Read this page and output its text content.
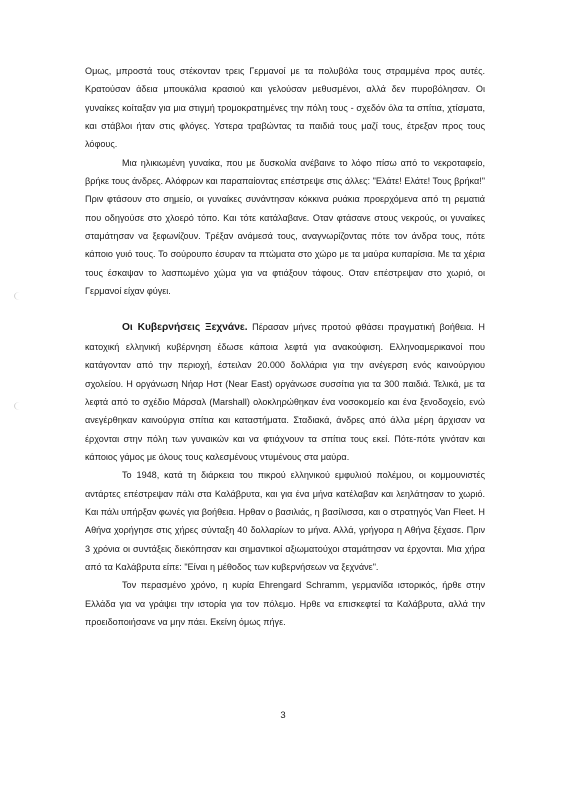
Ομως, μπροστά τους στέκονταν τρεις Γερμανοί με τα πολυβόλα τους στραμμένα προς αυτές. Κρατούσαν άδεια μπουκάλια κρασιού και γελούσαν μεθυσμένοι, αλλά δεν πυροβόλησαν. Οι γυναίκες κοίταξαν για μια στιγμή τρομοκρατημένες την πόλη τους - σχεδόν όλα τα σπίτια, χτίσματα, και στάβλοι ήταν στις φλόγες. Υστερα τραβώντας τα παιδιά τους μαζί τους, έτρεξαν προς τους λόφους.

Μια ηλικιωμένη γυναίκα, που με δυσκολία ανέβαινε το λόφο πίσω από το νεκροταφείο, βρήκε τους άνδρες. Αλόφρων και παραπαίοντας επέστρεψε στις άλλες: "Ελάτε! Ελάτε! Τους βρήκα!" Πριν φτάσουν στο σημείο, οι γυναίκες συνάντησαν κόκκινα ρυάκια προερχόμενα από τη ρεματιά που οδηγούσε στο χλοερό τόπο. Και τότε κατάλαβανε. Οταν φτάσανε στους νεκρούς, οι γυναίκες σταμάτησαν να ξεφωνίζουν. Τρέξαν ανάμεσά τους, αναγνωρίζοντας πότε τον άνδρα τους, πότε κάποιο γυιό τους. Το σούρουπο έσυραν τα πτώματα στο χώρο με τα μαύρα κυπαρίσια. Με τα χέρια τους έσκαψαν το λασπωμένο χώμα για να φτιάξουν τάφους. Οταν επέστρεψαν στο χωριό, οι Γερμανοί είχαν φύγει.

Οι Κυβερνήσεις Ξεχνάνε. Πέρασαν μήνες προτού φθάσει πραγματική βοήθεια. Η κατοχική ελληνική κυβέρνηση έδωσε κάποια λεφτά για ανακούφιση. Ελληνοαμερικανοί που κατάγονταν από την περιοχή, έστειλαν 20.000 δολλάρια για την ανέγερση ενός καινούργιου σχολείου. Η οργάνωση Νήαρ Ηστ (Near East) οργάνωσε συσσίτια για τα 300 παιδιά. Τελικά, με τα λεφτά από το σχέδιο Μάρσαλ (Marshall) ολοκληρώθηκαν ένα νοσοκομείο και ένα ξενοδοχείο, ενώ ανεγέρθηκαν καινούργια σπίτια και καταστήματα. Σταδιακά, άνδρες από άλλα μέρη άρχισαν να έρχονται στην πόλη των γυναικών και να φτιάχνουν τα σπίτια τους εκεί. Πότε-πότε γινόταν και κάποιος γάμος με όλους τους καλεσμένους ντυμένους στα μαύρα.

Το 1948, κατά τη διάρκεια του πικρού ελληνικού εμφυλιού πολέμου, οι κομμουνιστές αντάρτες επέστρεψαν πάλι στα Καλάβρυτα, και για ένα μήνα κατέλαβαν και λεηλάτησαν το χωριό. Και πάλι υπήρξαν φωνές για βοήθεια. Ηρθαν ο βασιλιάς, η βασίλισσα, και ο στρατηγός Van Fleet. Η Αθήνα χορήγησε στις χήρες σύνταξη 40 δολλαρίων το μήνα. Αλλά, γρήγορα η Αθήνα ξέχασε. Πριν 3 χρόνια οι συντάξεις διεκόπησαν και σημαντικοί αξιωματούχοι σταμάτησαν να έρχονται. Μια χήρα από τα Καλάβρυτα είπε: "Είναι η μέθοδος των κυβερνήσεων να ξεχνάνε".

Τον περασμένο χρόνο, η κυρία Ehrengard Schramm, γερμανίδα ιστορικός, ήρθε στην Ελλάδα για να γράψει την ιστορία για τον πόλεμο. Ηρθε να επισκεφτεί τα Καλάβρυτα, αλλά την προειδοποιήσανε να μην πάει. Εκείνη όμως πήγε.

3
